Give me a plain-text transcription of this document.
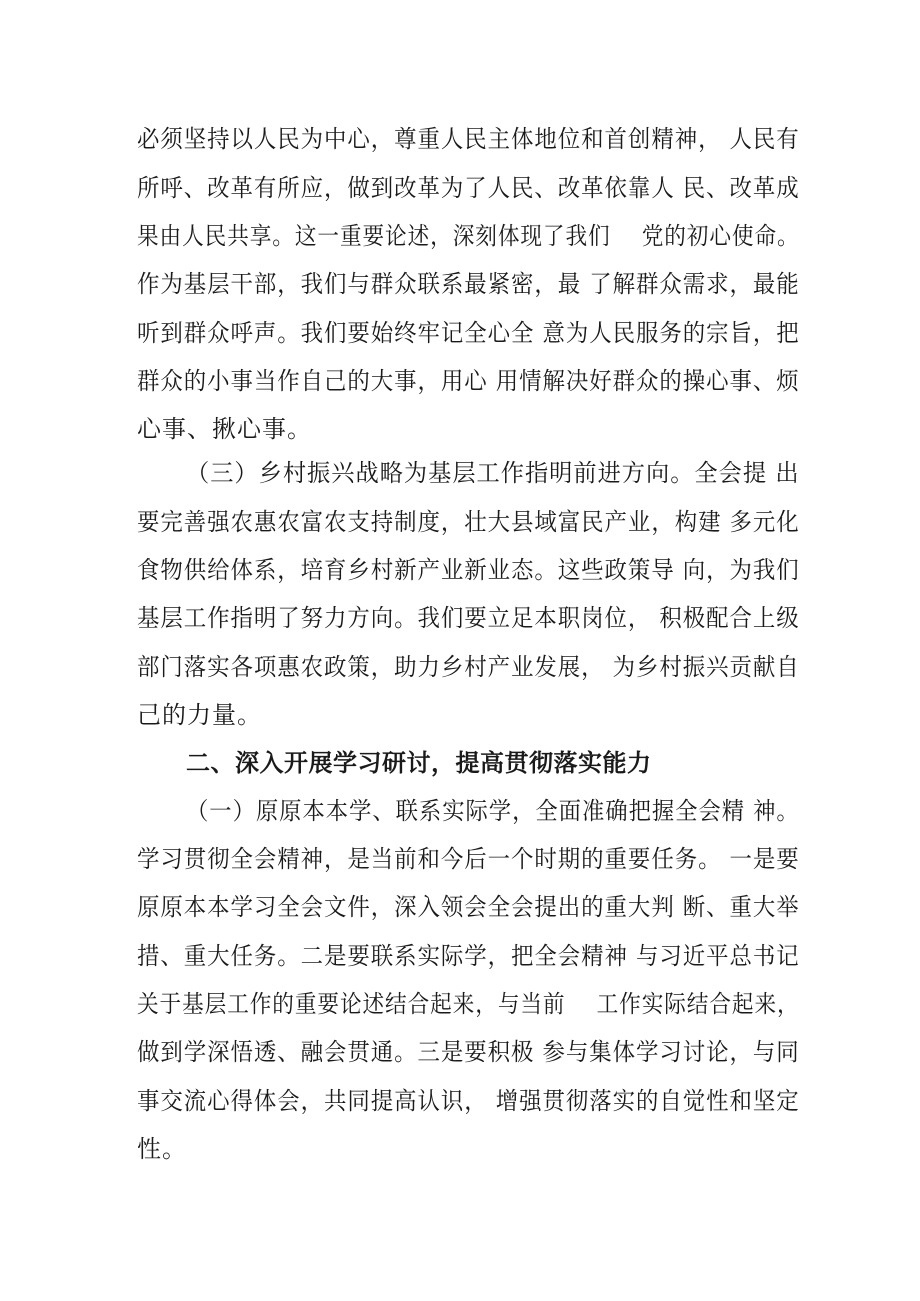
必须坚持以人民为中心，尊重人民主体地位和首创精神， 人民有
所呼、改革有所应，做到改革为了人民、改革依靠人 民、改革成
果由人民共享。这一重要论述，深刻体现了我们    党的初心使命。
作为基层干部，我们与群众联系最紧密，最 了解群众需求，最能
听到群众呼声。我们要始终牢记全心全 意为人民服务的宗旨，把
群众的小事当作自己的大事，用心 用情解决好群众的操心事、烦
心事、揪心事。
（三）乡村振兴战略为基层工作指明前进方向。全会提 出
要完善强农惠农富农支持制度，壮大县域富民产业，构建 多元化
食物供给体系，培育乡村新产业新业态。这些政策导 向，为我们
基层工作指明了努力方向。我们要立足本职岗位， 积极配合上级
部门落实各项惠农政策，助力乡村产业发展， 为乡村振兴贡献自
己的力量。
二、深入开展学习研讨，提高贯彻落实能力
（一）原原本本学、联系实际学，全面准确把握全会精 神。
学习贯彻全会精神，是当前和今后一个时期的重要任务。 一是要
原原本本学习全会文件，深入领会全会提出的重大判 断、重大举
措、重大任务。二是要联系实际学，把全会精神 与习近平总书记
关于基层工作的重要论述结合起来，与当前    工作实际结合起来，
做到学深悟透、融会贯通。三是要积极 参与集体学习讨论，与同
事交流心得体会，共同提高认识， 增强贯彻落实的自觉性和坚定
性。
